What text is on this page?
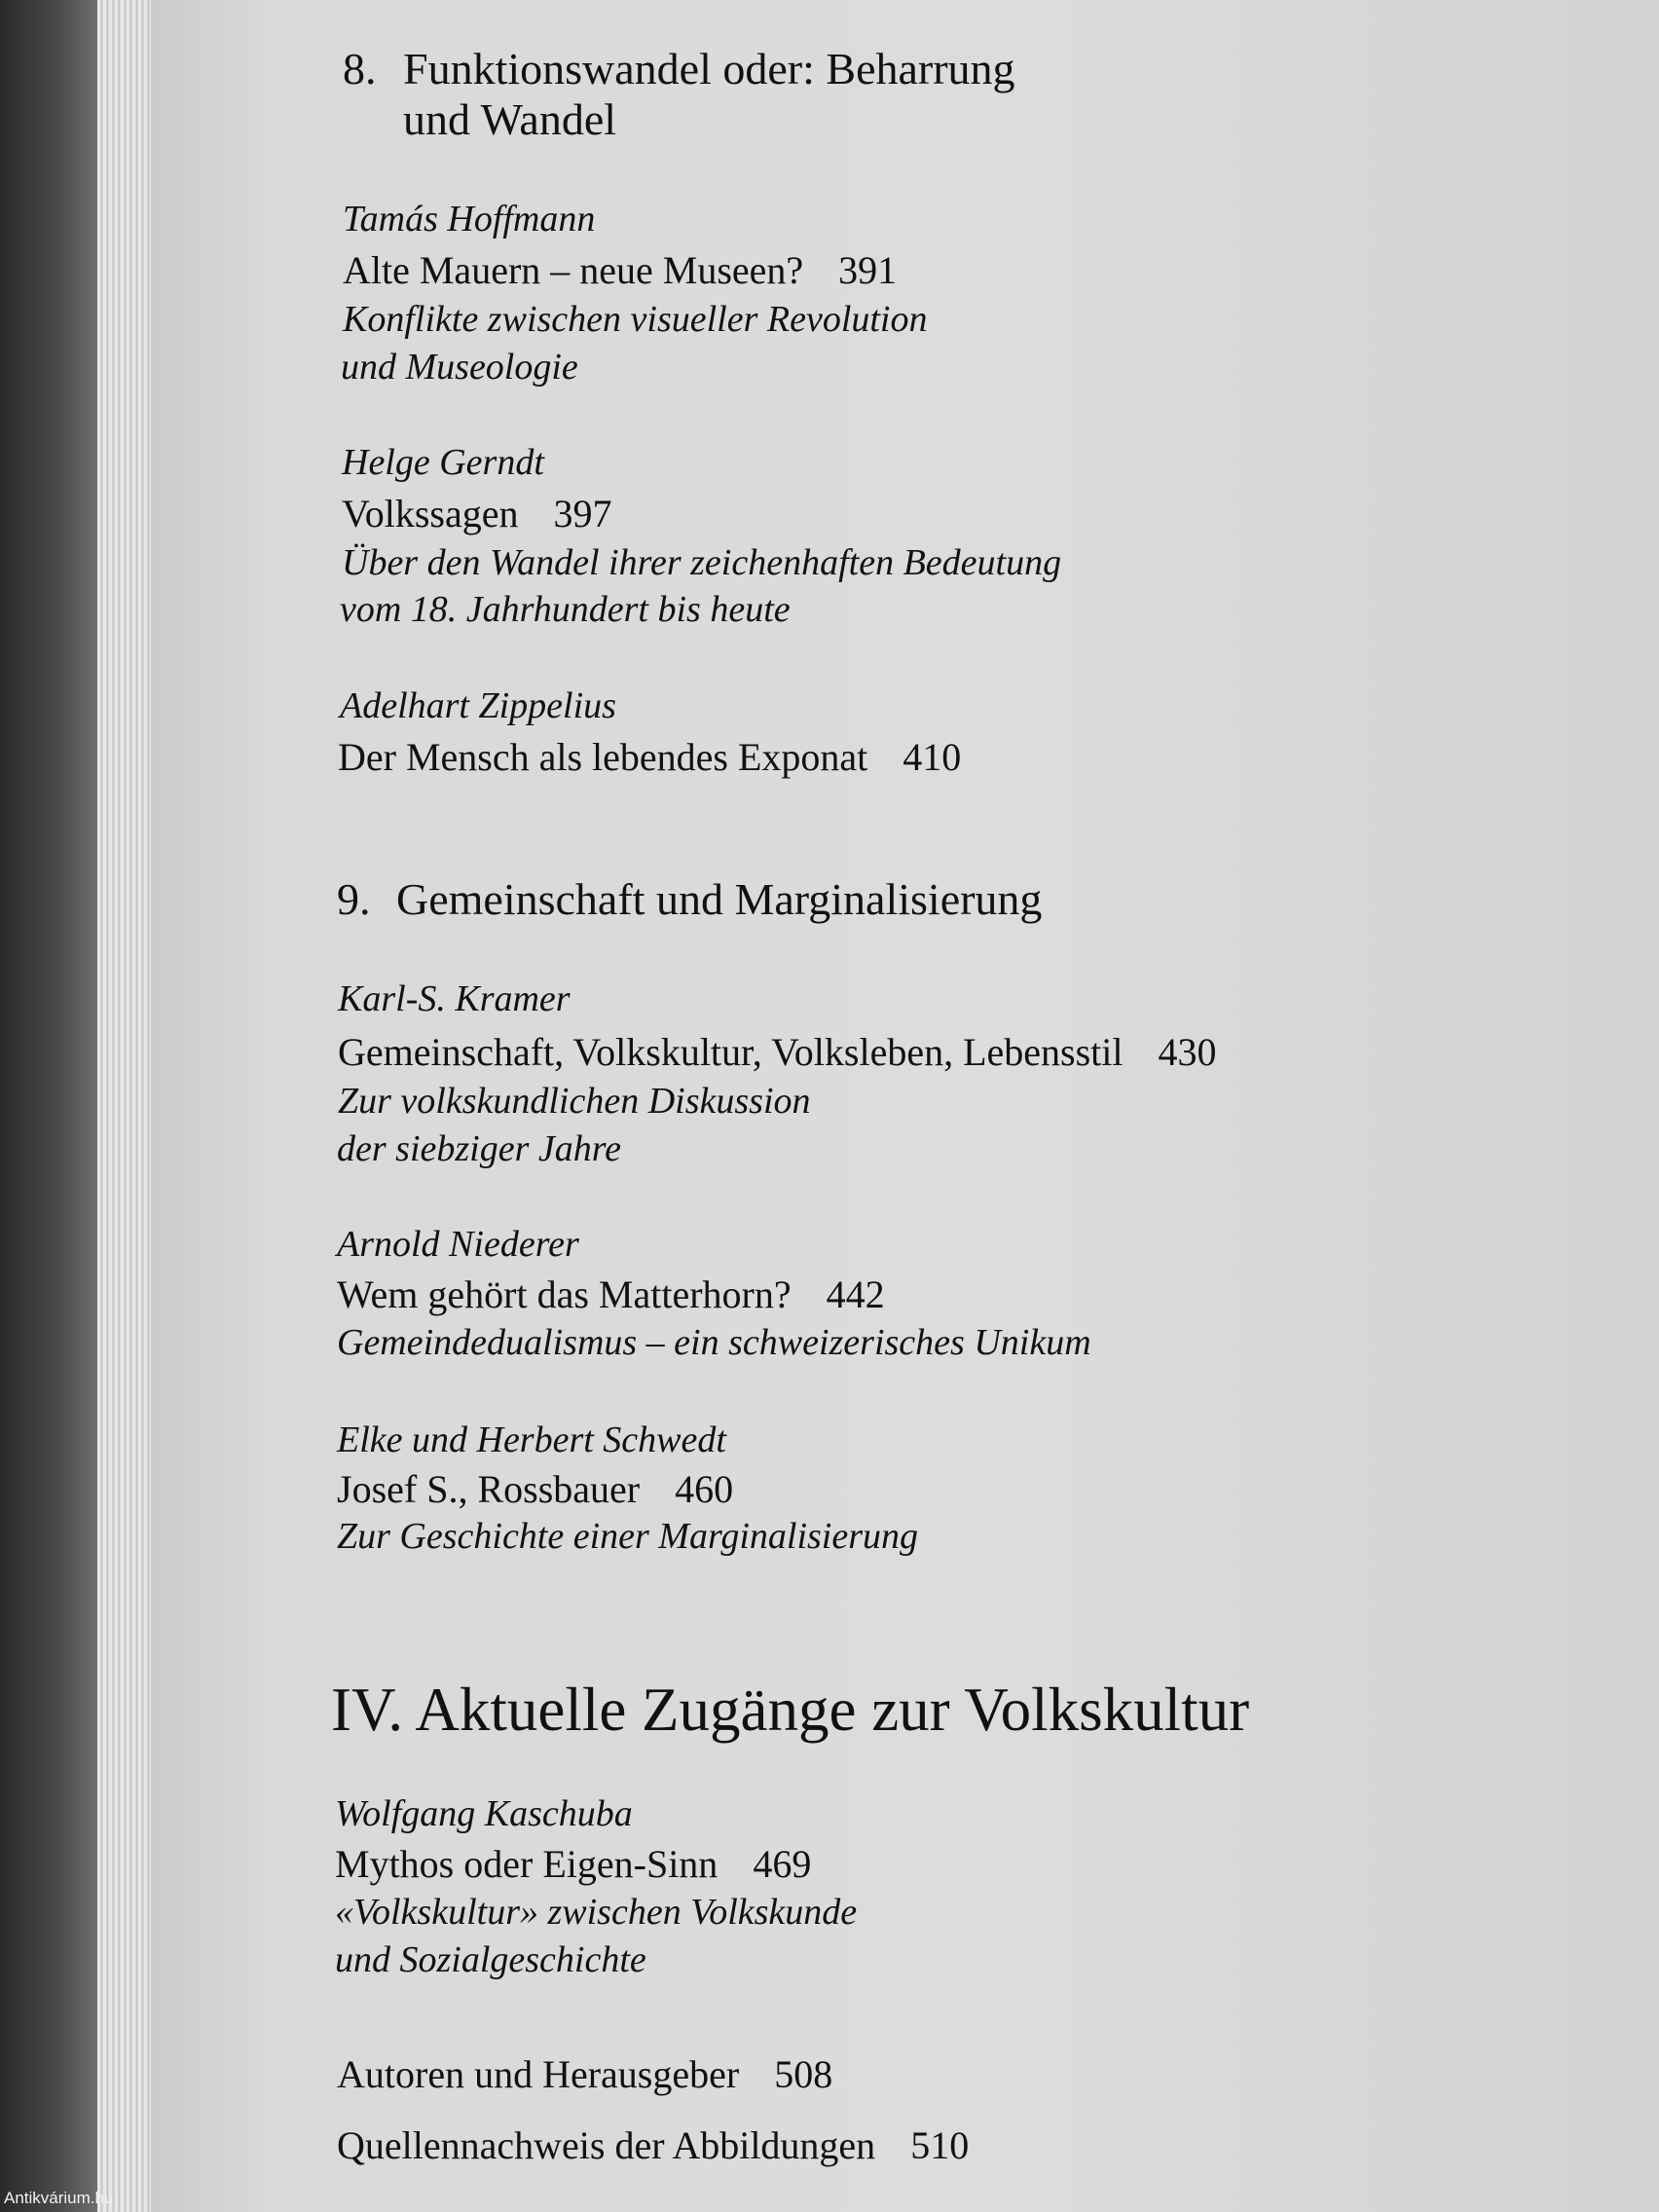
8. Funktionswandel oder: Beharrung
und Wandel
Tamás Hoffmann
Alte Mauern – neue Museen? 391
Konflikte zwischen visueller Revolution
und Museologie
Helge Gerndt
Volkssagen 397
Über den Wandel ihrer zeichenhaften Bedeutung
vom 18. Jahrhundert bis heute
Adelhart Zippelius
Der Mensch als lebendes Exponat 410
9. Gemeinschaft und Marginalisierung
Karl-S. Kramer
Gemeinschaft, Volkskultur, Volksleben, Lebensstil 430
Zur volkskundlichen Diskussion
der siebziger Jahre
Arnold Niederer
Wem gehört das Matterhorn? 442
Gemeindedualismus – ein schweizerisches Unikum
Elke und Herbert Schwedt
Josef S., Rossbauer 460
Zur Geschichte einer Marginalisierung
IV. Aktuelle Zugänge zur Volkskultur
Wolfgang Kaschuba
Mythos oder Eigen-Sinn 469
«Volkskultur» zwischen Volkskunde
und Sozialgeschichte
Autoren und Herausgeber 508
Quellennachweis der Abbildungen 510
Antikvárium.hu
